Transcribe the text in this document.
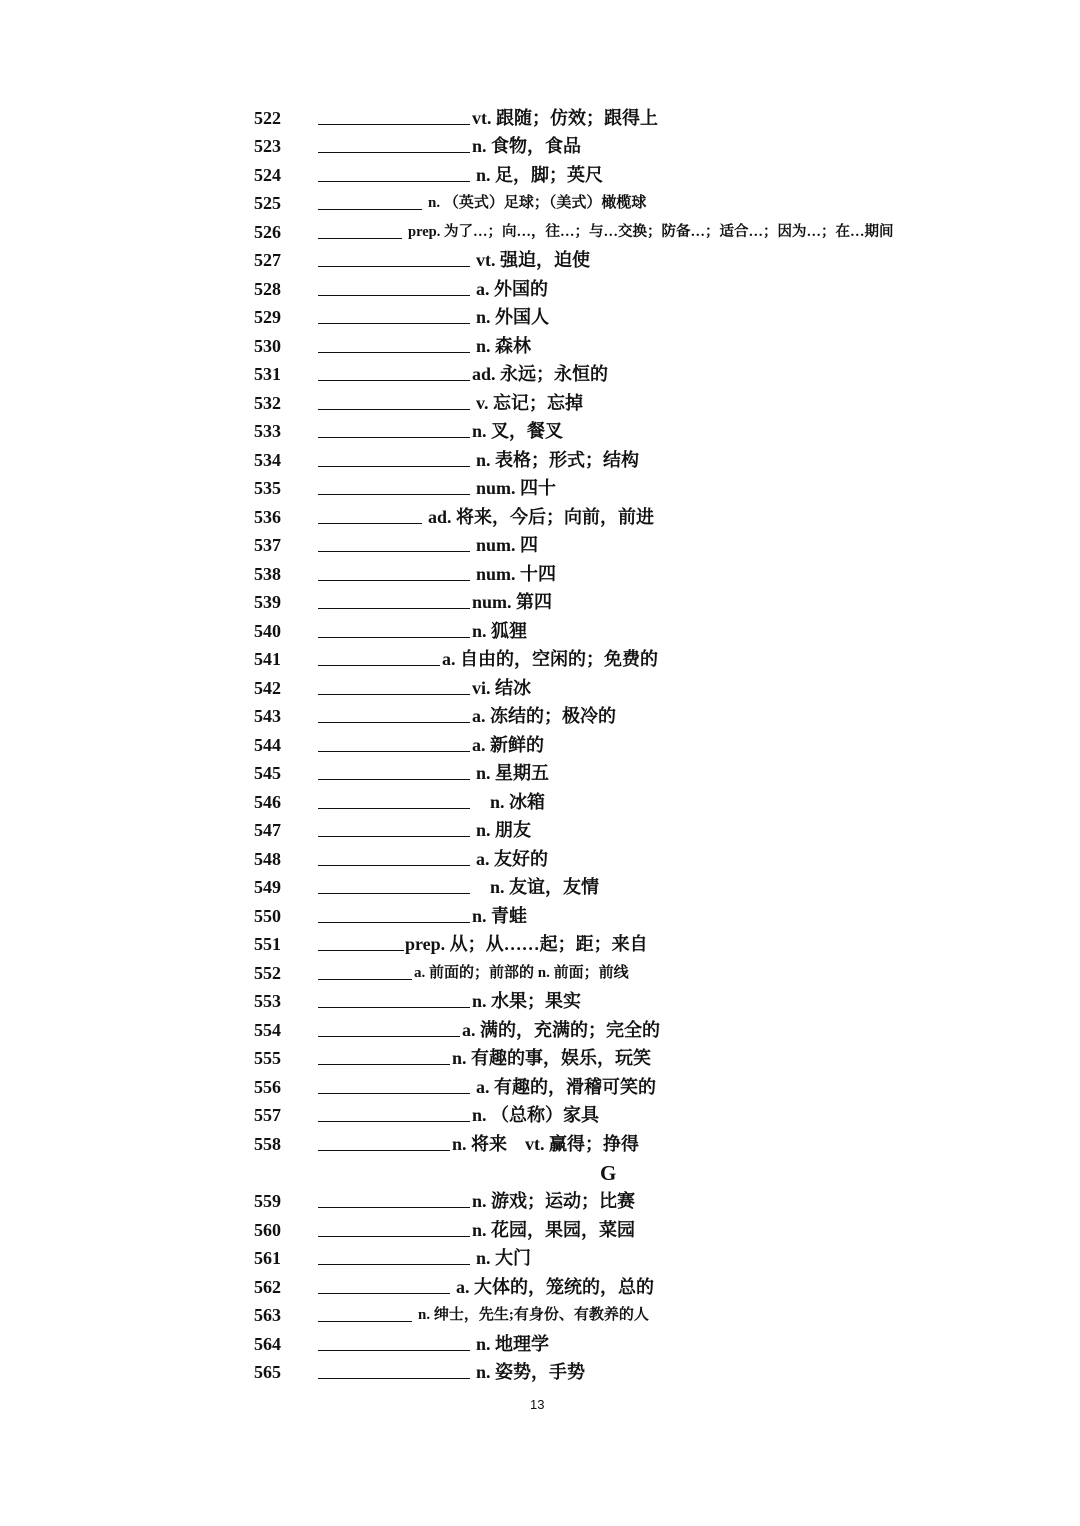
522	vt. 跟随；仿效；跟得上
523	n. 食物，食品
524	n. 足，脚；英尺
525	n. （英式）足球；（美式）橄榄球
526	prep. 为了…；向…，往…；与…交换；防备…；适合…；因为…；在…期间
527	vt. 强迫，迫使
528	a. 外国的
529	n. 外国人
530	n. 森林
531	ad. 永远；永恒的
532	v. 忘记；忘掉
533	n. 叉，餐叉
534	n. 表格；形式；结构
535	num. 四十
536	ad. 将来，今后；向前，前进
537	num. 四
538	num. 十四
539	num. 第四
540	n. 狐狸
541	a. 自由的，空闲的；免费的
542	vi. 结冰
543	a. 冻结的；极冷的
544	a. 新鲜的
545	n. 星期五
546	n. 冰箱
547	n. 朋友
548	a. 友好的
549	n. 友谊，友情
550	n. 青蛙
551	prep. 从；从……起；距；来自
552	a. 前面的；前部的 n. 前面；前线
553	n. 水果；果实
554	a. 满的，充满的；完全的
555	n. 有趣的事，娱乐，玩笑
556	a. 有趣的，滑稽可笑的
557	n. （总称）家具
558	n. 将来　vt. 赢得；挣得
559	n. 游戏；运动；比赛
560	n. 花园，果园，菜园
561	n. 大门
562	a. 大体的，笼统的，总的
563	n. 绅士，先生;有身份、有教养的人
564	n. 地理学
565	n. 姿势，手势
G
13
